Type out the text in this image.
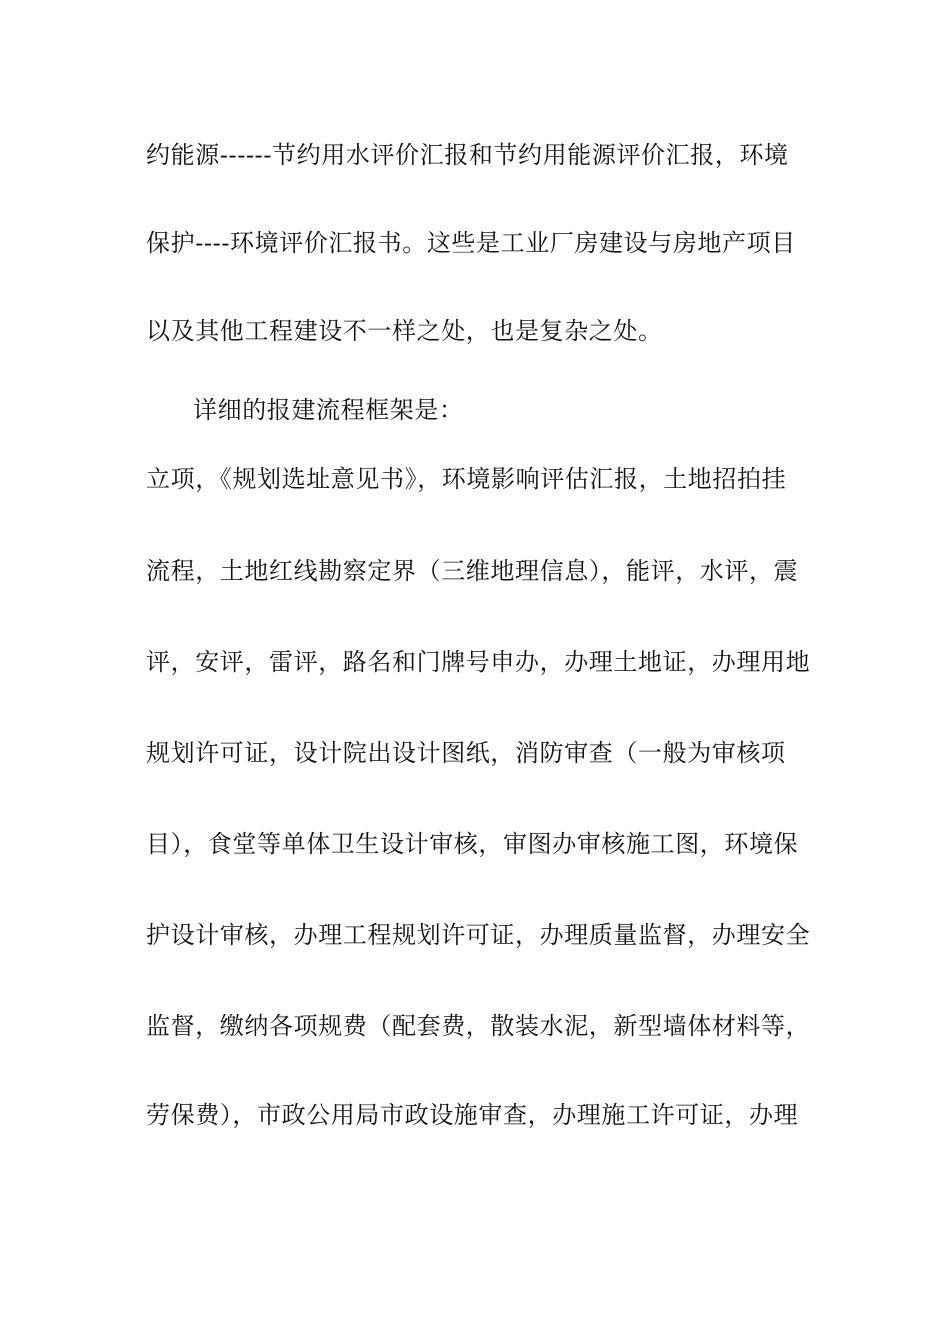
约能源------节约用水评价汇报和节约用能源评价汇报，环境
保护----环境评价汇报书。这些是工业厂房建设与房地产项目
以及其他工程建设不一样之处，也是复杂之处。
详细的报建流程框架是：
立项，《规划选址意见书》，环境影响评估汇报，土地招拍挂
流程，土地红线勘察定界（三维地理信息），能评，水评，震
评，安评，雷评，路名和门牌号申办，办理土地证，办理用地
规划许可证，设计院出设计图纸，消防审查（一般为审核项
目），食堂等单体卫生设计审核，审图办审核施工图，环境保
护设计审核，办理工程规划许可证，办理质量监督，办理安全
监督，缴纳各项规费（配套费，散装水泥，新型墙体材料等，
劳保费），市政公用局市政设施审查，办理施工许可证，办理
